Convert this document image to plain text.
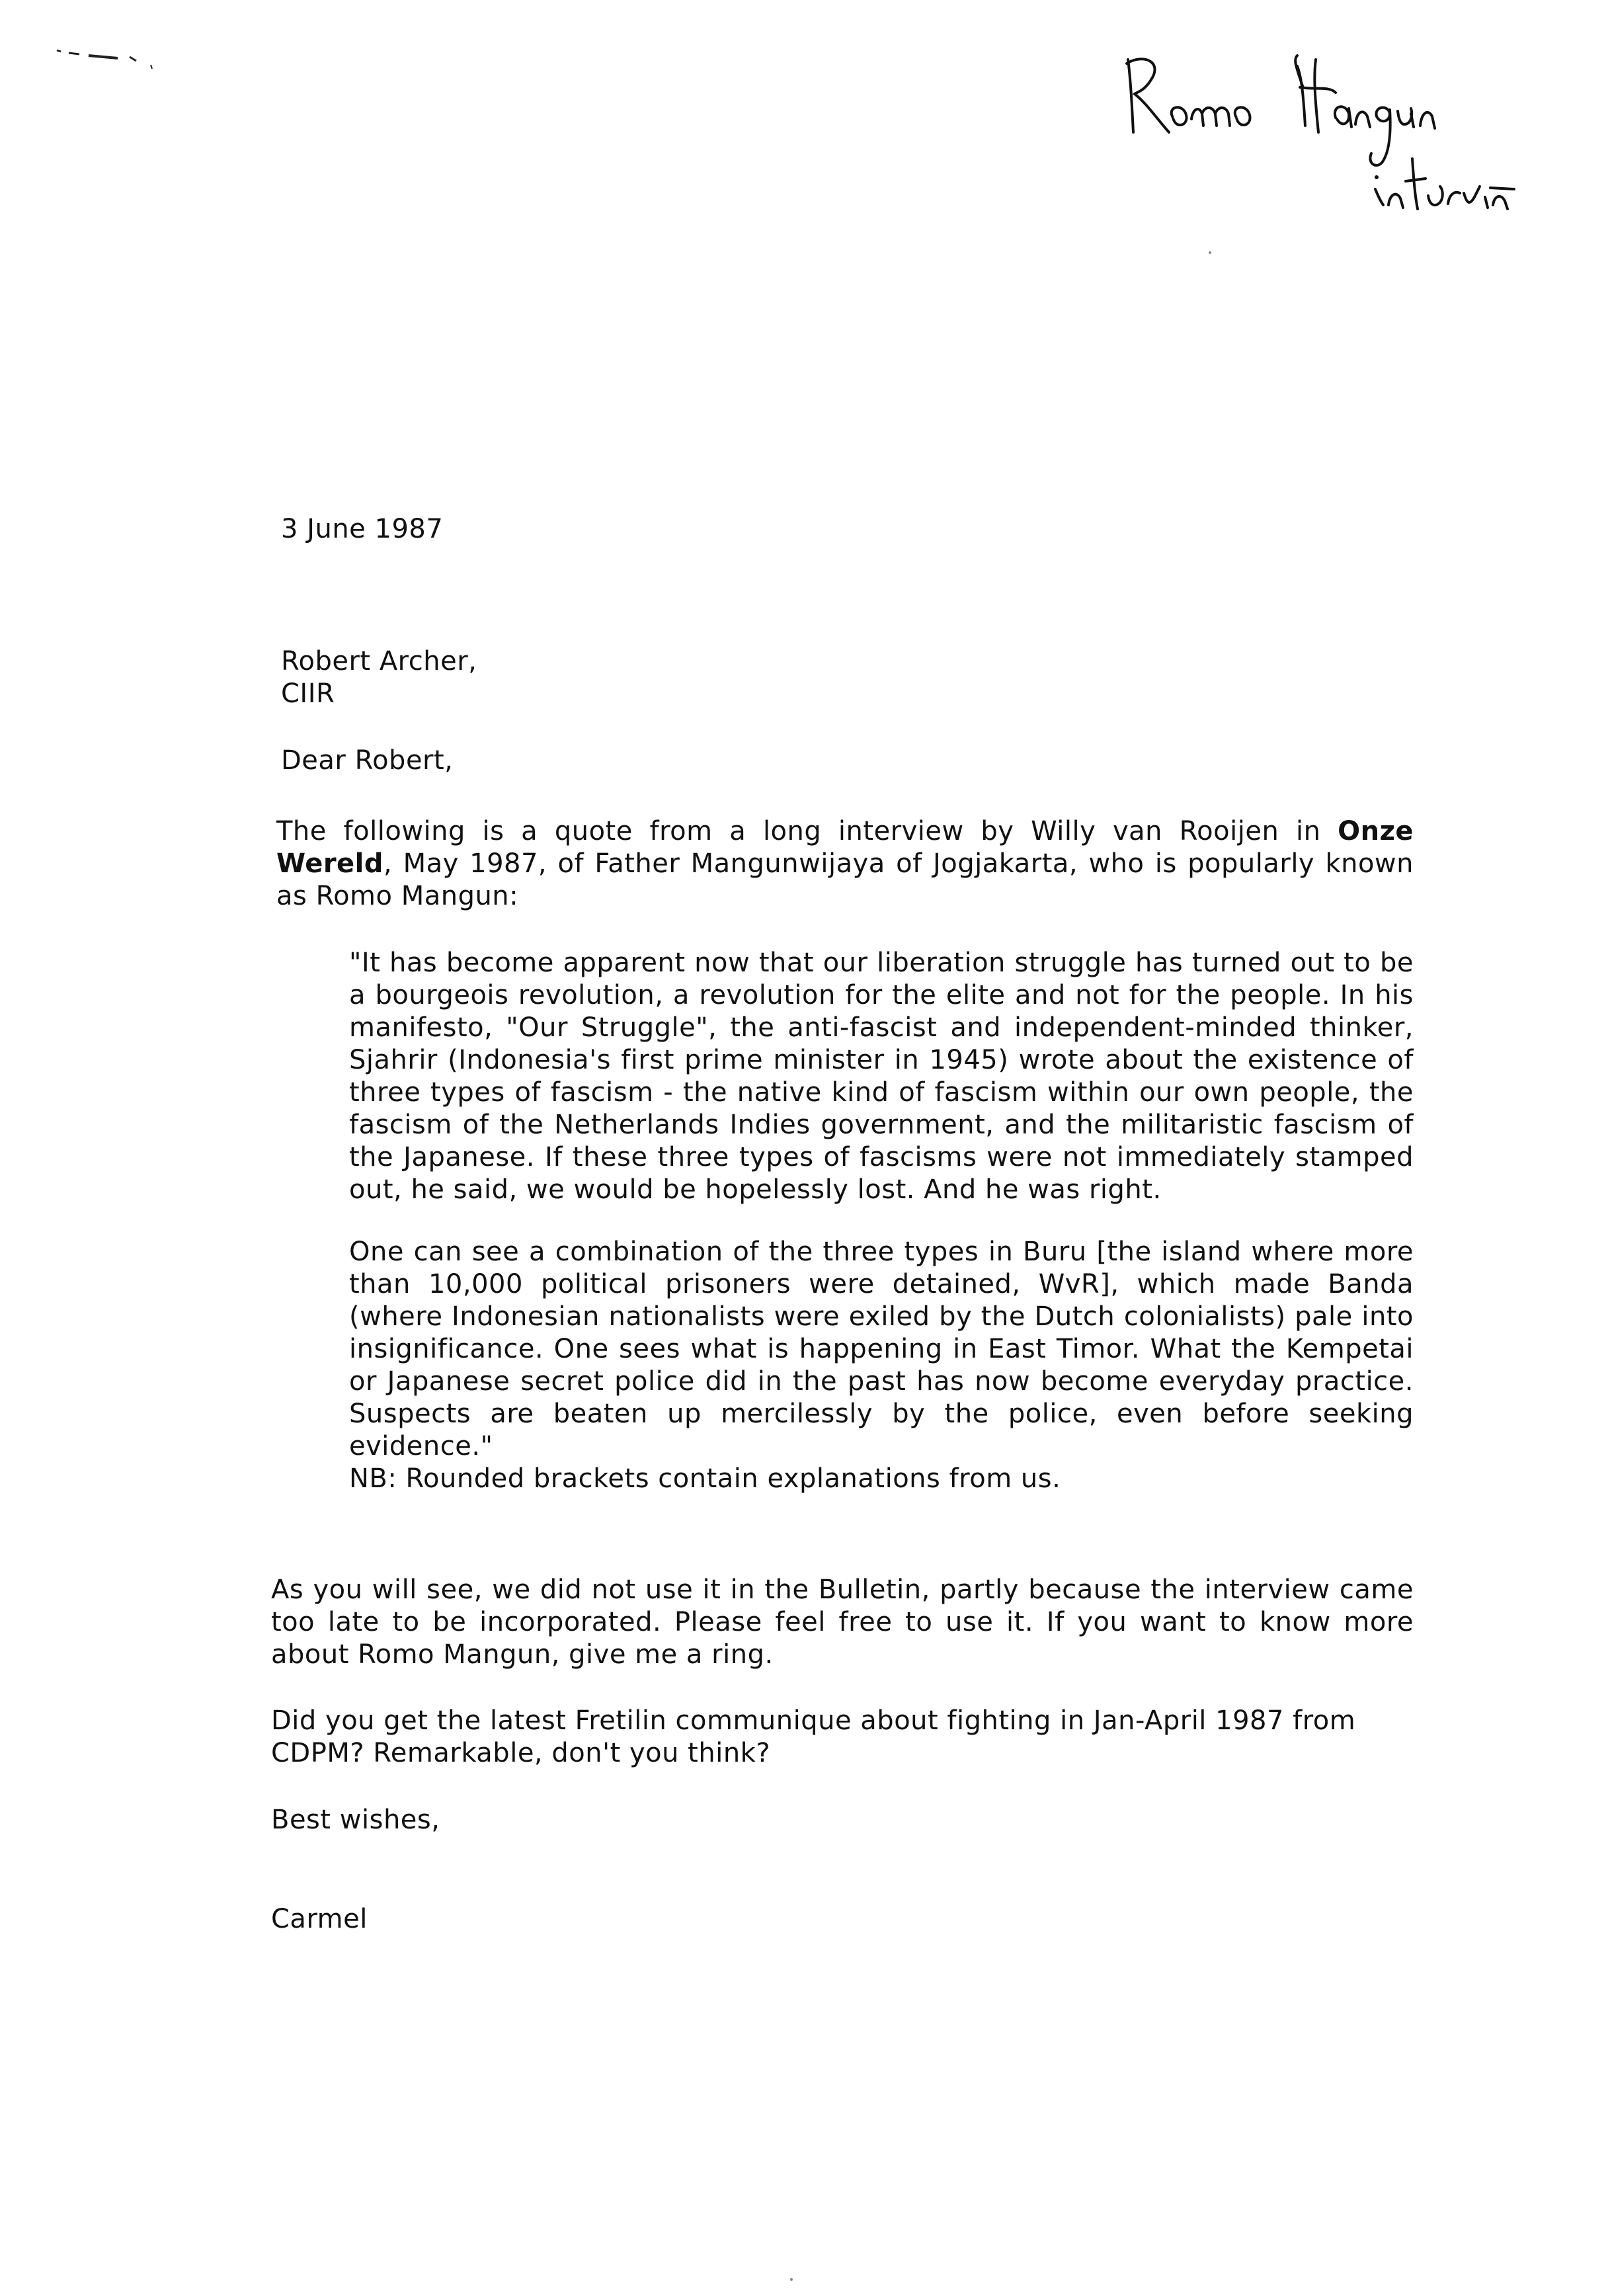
3 June 1987
Robert Archer,
CIIR
Dear Robert,
The following is a quote from a long interview by Willy van Rooijen in Onze Wereld, May 1987, of Father Mangunwijaya of Jogjakarta, who is popularly known as Romo Mangun:

"It has become apparent now that our liberation struggle has turned out to be a bourgeois revolution, a revolution for the elite and not for the people. In his manifesto, "Our Struggle", the anti-fascist and independent-minded thinker, Sjahrir (Indonesia's first prime minister in 1945) wrote about the existence of three types of fascism - the native kind of fascism within our own people, the fascism of the Netherlands Indies government, and the militaristic fascism of the Japanese. If these three types of fascisms were not immediately stamped out, he said, we would be hopelessly lost. And he was right.

One can see a combination of the three types in Buru [the island where more than 10,000 political prisoners were detained, WvR], which made Banda (where Indonesian nationalists were exiled by the Dutch colonialists) pale into insignificance. One sees what is happening in East Timor. What the Kempetai or Japanese secret police did in the past has now become everyday practice. Suspects are beaten up mercilessly by the police, even before seeking evidence."

NB: Rounded brackets contain explanations from us.

As you will see, we did not use it in the Bulletin, partly because the interview came too late to be incorporated. Please feel free to use it. If you want to know more about Romo Mangun, give me a ring.
Did you get the latest Fretilin communique about fighting in Jan-April 1987 from CDPM? Remarkable, don't you think?
Best wishes,
Carmel
